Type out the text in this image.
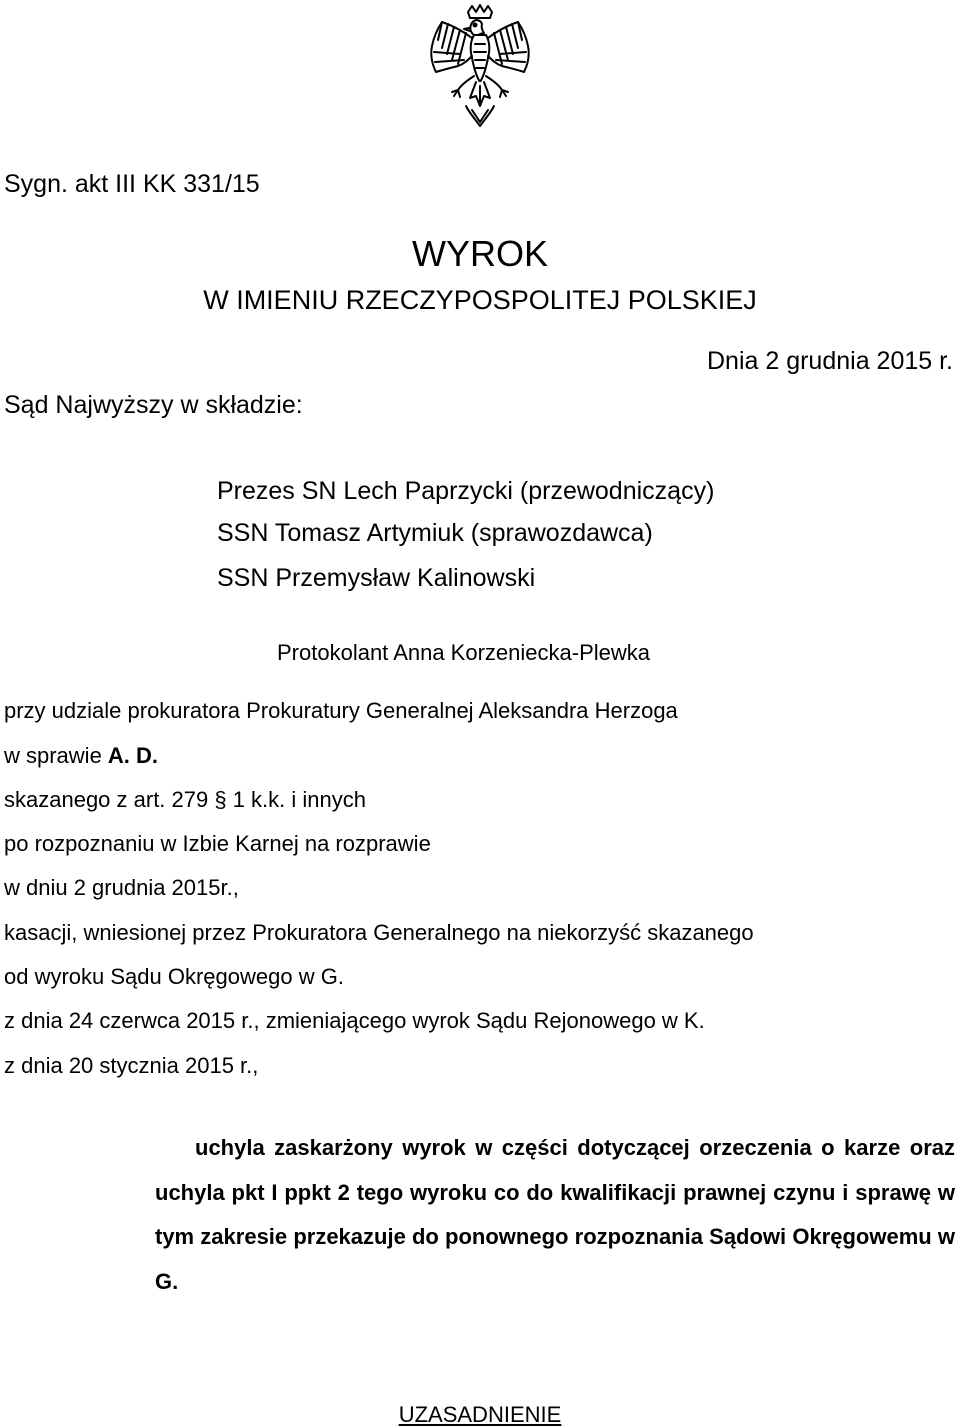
Sygn. akt III KK 331/15
WYROK
W IMIENIU RZECZYPOSPOLITEJ POLSKIEJ
Dnia 2 grudnia 2015 r.
Sąd Najwyższy w składzie:
Prezes SN Lech Paprzycki (przewodniczący)
SSN Tomasz Artymiuk (sprawozdawca)
SSN Przemysław Kalinowski
Protokolant Anna Korzeniecka-Plewka
przy udziale prokuratora Prokuratury Generalnej Aleksandra Herzoga
w sprawie A. D.
skazanego z art. 279 § 1 k.k. i innych
po rozpoznaniu w Izbie Karnej na rozprawie
w dniu 2 grudnia 2015r.,
kasacji, wniesionej przez Prokuratora Generalnego na niekorzyść skazanego
od wyroku Sądu Okręgowego w G.
z dnia 24 czerwca 2015 r., zmieniającego wyrok Sądu Rejonowego w K.
z dnia 20 stycznia 2015 r.,
uchyla zaskarżony wyrok w części dotyczącej orzeczenia o karze oraz uchyla pkt I ppkt 2 tego wyroku co do kwalifikacji prawnej czynu i sprawę w tym zakresie przekazuje do ponownego rozpoznania Sądowi Okręgowemu w G.
UZASADNIENIE
